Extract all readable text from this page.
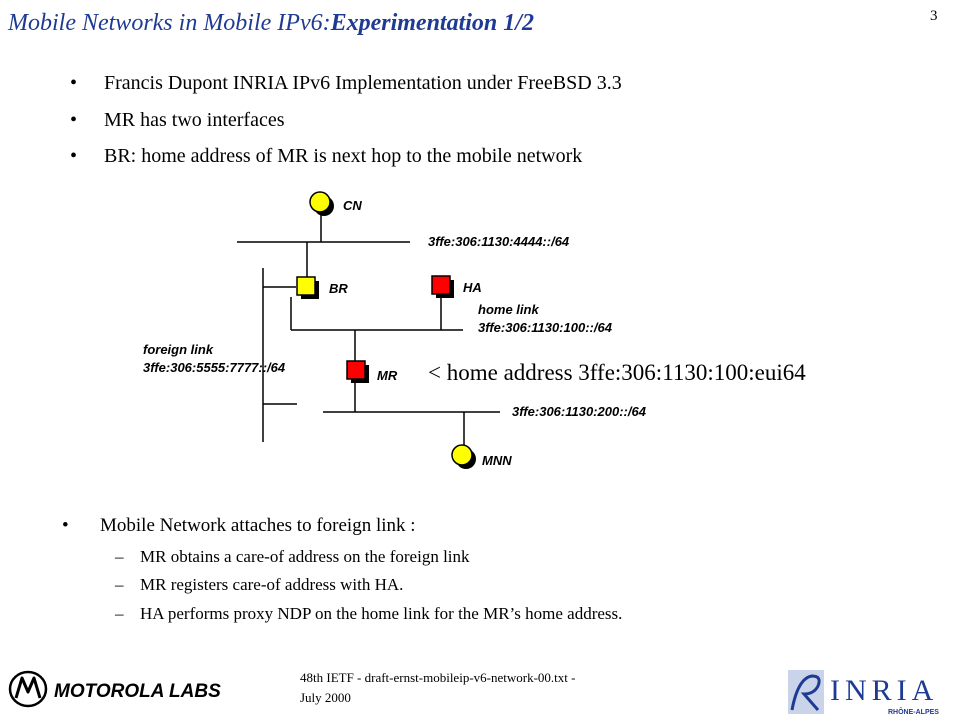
Mobile Networks in Mobile IPv6:Experimentation 1/2	3
• Francis Dupont INRIA IPv6 Implementation under FreeBSD 3.3
• MR has two interfaces
• BR: home address of MR is next hop to the mobile network
CN
BR	HA
MR
MNN
3ffe:306:1130:4444::/64
home link
3ffe:306:1130:100::/64
foreign link
3ffe:306:5555:7777::/64
3ffe:306:1130:200::/64
< home address 3ffe:306:1130:100:eui64
• Mobile Network attaches to foreign link :
– MR obtains a care-of address on the foreign link
– MR registers care-of address with HA.
– HA performs proxy NDP on the home link for the MR’s home address.
MOTOROLA LABS
48th IETF - draft-ernst-mobileip-v6-network-00.txt - July 2000	INRIA
RHÔNE-ALPES
